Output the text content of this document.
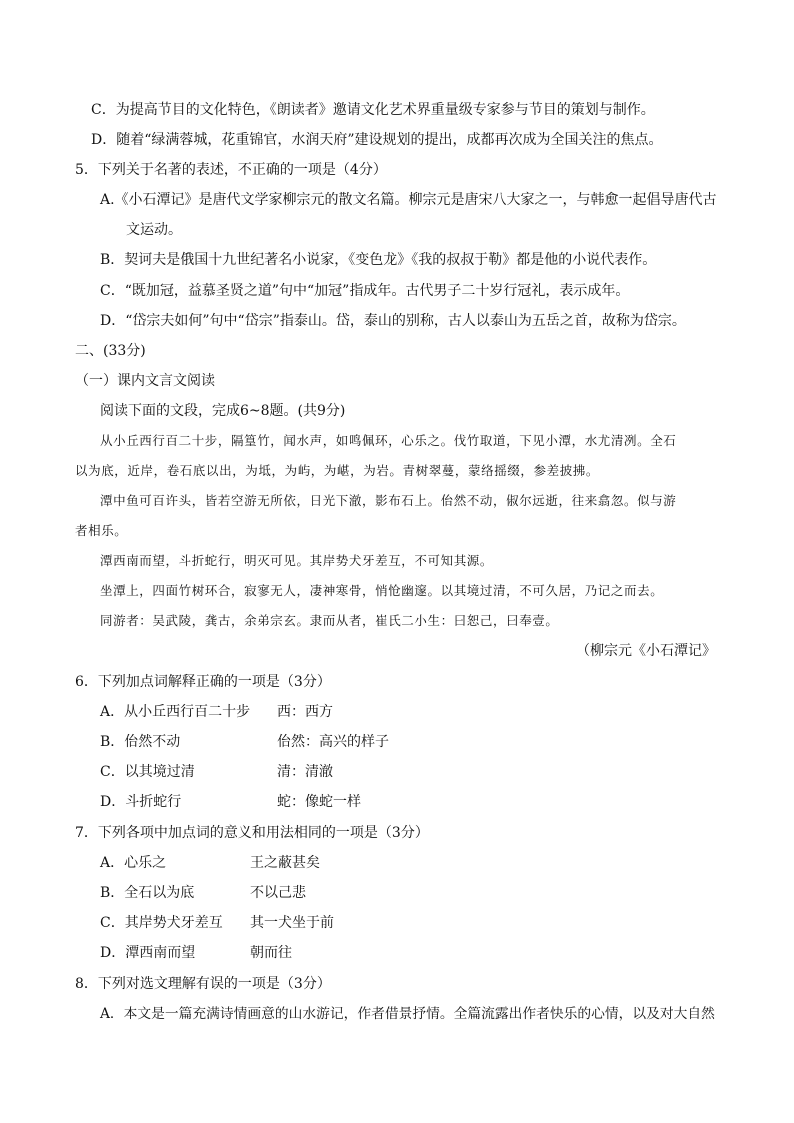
C．为提高节目的文化特色，《朗读者》邀请文化艺术界重量级专家参与节目的策划与制作。
D．随着“绿满蓉城，花重锦官，水润天府”建设规划的提出，成都再次成为全国关注的焦点。
5．下列关于名著的表述，不正确的一项是（4分）
A.《小石潭记》是唐代文学家柳宗元的散文名篇。柳宗元是唐宋八大家之一，与韩愈一起倡导唐代古
文运动。
B．契诃夫是俄国十九世纪著名小说家，《变色龙》《我的叔叔于勒》都是他的小说代表作。
C．“既加冠，益慕圣贤之道”句中“加冠”指成年。古代男子二十岁行冠礼，表示成年。
D．“岱宗夫如何”句中“岱宗”指泰山。岱，泰山的别称，古人以泰山为五岳之首，故称为岱宗。
二、(33分)
（一）课内文言文阅读
阅读下面的文段，完成6~8题。(共9分)
从小丘西行百二十步，隔篁竹，闻水声，如鸣佩环，心乐之。伐竹取道，下见小潭，水尤清冽。全石
以为底，近岸，卷石底以出，为坻，为屿，为嵁，为岩。青树翠蔓，蒙络摇缀，参差披拂。
潭中鱼可百许头，皆若空游无所依，日光下澈，影布石上。佁然不动，俶尔远逝，往来翕忽。似与游
者相乐。
潭西南而望，斗折蛇行，明灭可见。其岸势犬牙差互，不可知其源。
坐潭上，四面竹树环合，寂寥无人，凄神寒骨，悄怆幽邃。以其境过清，不可久居，乃记之而去。
同游者：吴武陵，龚古，余弟宗玄。隶而从者，崔氏二小生：曰恕己，曰奉壹。
（柳宗元《小石潭记》
6．下列加点词解释正确的一项是（3分）
A．从小丘西行百二十步 西：西方
B．佁然不动	佁然：高兴的样子
C．以其境过清	清：清澈
D．斗折蛇行	蛇：像蛇一样
7．下列各项中加点词的意义和用法相同的一项是（3分）
A．心乐之	王之蔽甚矣
B．全石以为底	不以己悲
C．其岸势犬牙差互 其一犬坐于前
D．潭西南而望	朝而往
8．下列对选文理解有误的一项是（3分）
A．本文是一篇充满诗情画意的山水游记，作者借景抒情。全篇流露出作者快乐的心情，以及对大自然
